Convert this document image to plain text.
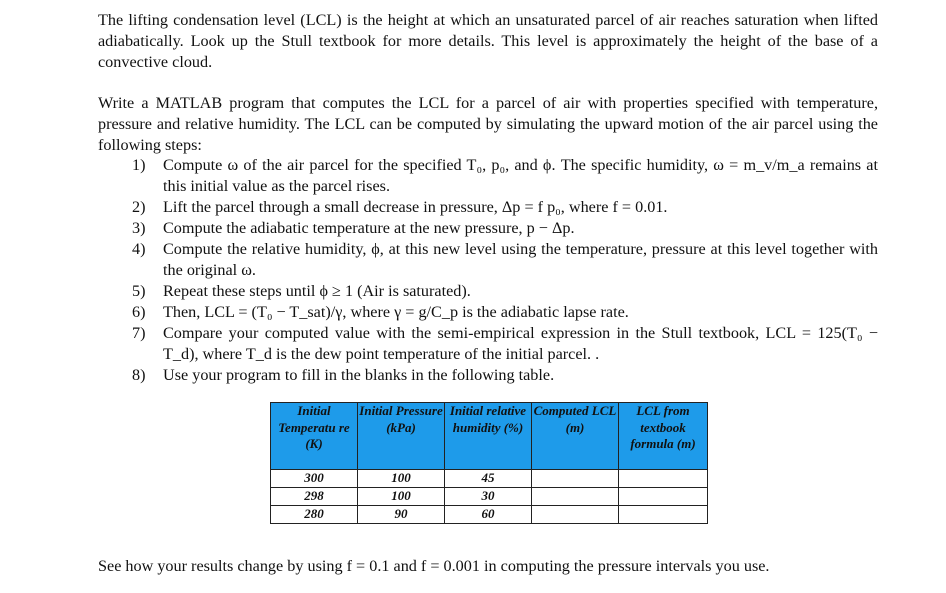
The lifting condensation level (LCL) is the height at which an unsaturated parcel of air reaches saturation when lifted adiabatically. Look up the Stull textbook for more details. This level is approximately the height of the base of a convective cloud.
Write a MATLAB program that computes the LCL for a parcel of air with properties specified with temperature, pressure and relative humidity. The LCL can be computed by simulating the upward motion of the air parcel using the following steps:
1) Compute ω of the air parcel for the specified T₀, p₀, and ϕ. The specific humidity, ω = m_v/m_a remains at this initial value as the parcel rises.
2) Lift the parcel through a small decrease in pressure, Δp = f p₀, where f = 0.01.
3) Compute the adiabatic temperature at the new pressure, p − Δp.
4) Compute the relative humidity, ϕ, at this new level using the temperature, pressure at this level together with the original ω.
5) Repeat these steps until ϕ ≥ 1 (Air is saturated).
6) Then, LCL = (T₀ − T_sat)/γ, where γ = g/C_p is the adiabatic lapse rate.
7) Compare your computed value with the semi-empirical expression in the Stull textbook, LCL = 125(T₀ − T_d), where T_d is the dew point temperature of the initial parcel. .
8) Use your program to fill in the blanks in the following table.
Initial Temperatu re (K)	Initial Pressure (kPa)	Initial relative humidity (%)	Computed LCL (m)	LCL from textbook formula (m)
300	100	45		
298	100	30		
280	90	60		
See how your results change by using f = 0.1 and f = 0.001 in computing the pressure intervals you use.
